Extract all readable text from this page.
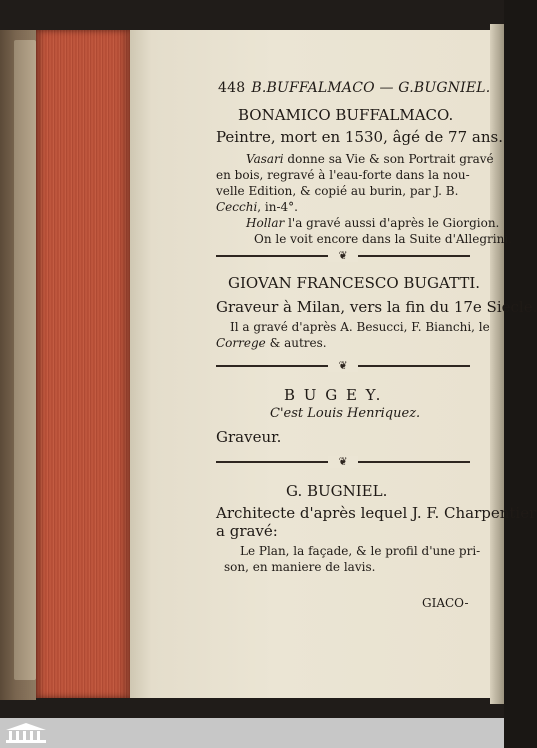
448 B.BUFFALMACO — G.BUGNIEL.
BONAMICO BUFFALMACO.
Peintre, mort en 1530, âgé de 77 ans.
Vasari donne sa Vie & son Portrait gravé
en bois, regravé à l'eau-forte dans la nou-
velle Edition, & copié au burin, par J. B.
Cecchi, in-4°.
Hollar l'a gravé aussi d'après le Giorgion.
On le voit encore dans la Suite d'Allegrini.
❦
GIOVAN FRANCESCO BUGATTI.
Graveur à Milan, vers la fin du 17e Siecle.
Il a gravé d'après A. Besucci, F. Bianchi, le
Correge & autres.
❦
B U G E Y.
C'est Louis Henriquez.
Graveur.
❦
G. BUGNIEL.
Architecte d'après lequel J. F. Charpentier
a gravé:
Le Plan, la façade, & le profil d'une pri-
son, en maniere de lavis.
GIACO-
